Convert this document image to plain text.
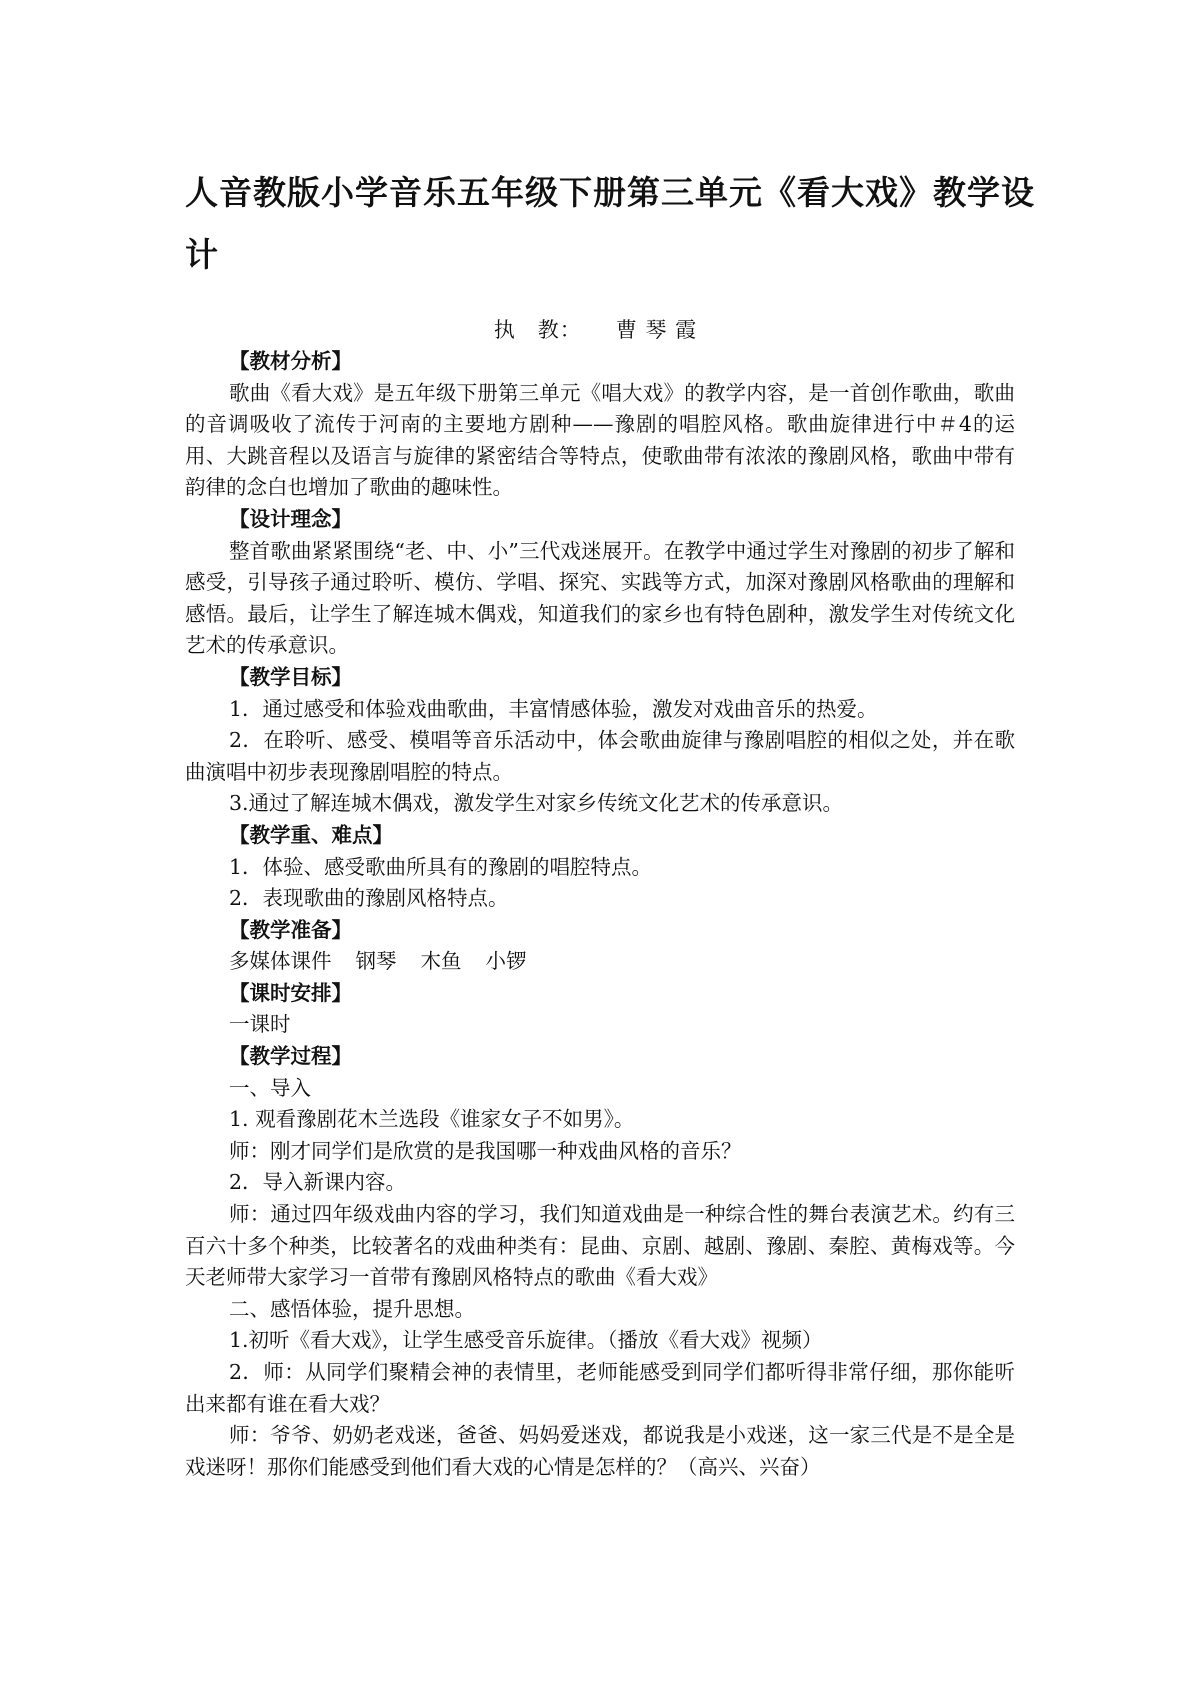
人音教版小学音乐五年级下册第三单元《看大戏》教学设计
执　教： 曹 琴 霞
【教材分析】
歌曲《看大戏》是五年级下册第三单元《唱大戏》的教学内容，是一首创作歌曲，歌曲的音调吸收了流传于河南的主要地方剧种——豫剧的唱腔风格。歌曲旋律进行中＃4的运用、大跳音程以及语言与旋律的紧密结合等特点，使歌曲带有浓浓的豫剧风格，歌曲中带有韵律的念白也增加了歌曲的趣味性。
【设计理念】
整首歌曲紧紧围绕“老、中、小”三代戏迷展开。在教学中通过学生对豫剧的初步了解和感受，引导孩子通过聆听、模仿、学唱、探究、实践等方式，加深对豫剧风格歌曲的理解和感悟。最后，让学生了解连城木偶戏，知道我们的家乡也有特色剧种，激发学生对传统文化艺术的传承意识。
【教学目标】
1．通过感受和体验戏曲歌曲，丰富情感体验，激发对戏曲音乐的热爱。
2．在聆听、感受、模唱等音乐活动中，体会歌曲旋律与豫剧唱腔的相似之处，并在歌曲演唱中初步表现豫剧唱腔的特点。
3.通过了解连城木偶戏，激发学生对家乡传统文化艺术的传承意识。
【教学重、难点】
1．体验、感受歌曲所具有的豫剧的唱腔特点。
2．表现歌曲的豫剧风格特点。
【教学准备】
多媒体课件 钢琴 木鱼 小锣
【课时安排】
一课时
【教学过程】
一、导入
1. 观看豫剧花木兰选段《谁家女子不如男》。
师：刚才同学们是欣赏的是我国哪一种戏曲风格的音乐？
2．导入新课内容。
师：通过四年级戏曲内容的学习，我们知道戏曲是一种综合性的舞台表演艺术。约有三百六十多个种类，比较著名的戏曲种类有：昆曲、京剧、越剧、豫剧、秦腔、黄梅戏等。今天老师带大家学习一首带有豫剧风格特点的歌曲《看大戏》
二、感悟体验，提升思想。
1.初听《看大戏》，让学生感受音乐旋律。（播放《看大戏》视频）
2．师：从同学们聚精会神的表情里，老师能感受到同学们都听得非常仔细，那你能听出来都有谁在看大戏？
师：爷爷、奶奶老戏迷，爸爸、妈妈爱迷戏，都说我是小戏迷，这一家三代是不是全是戏迷呀！那你们能感受到他们看大戏的心情是怎样的？（高兴、兴奋）
